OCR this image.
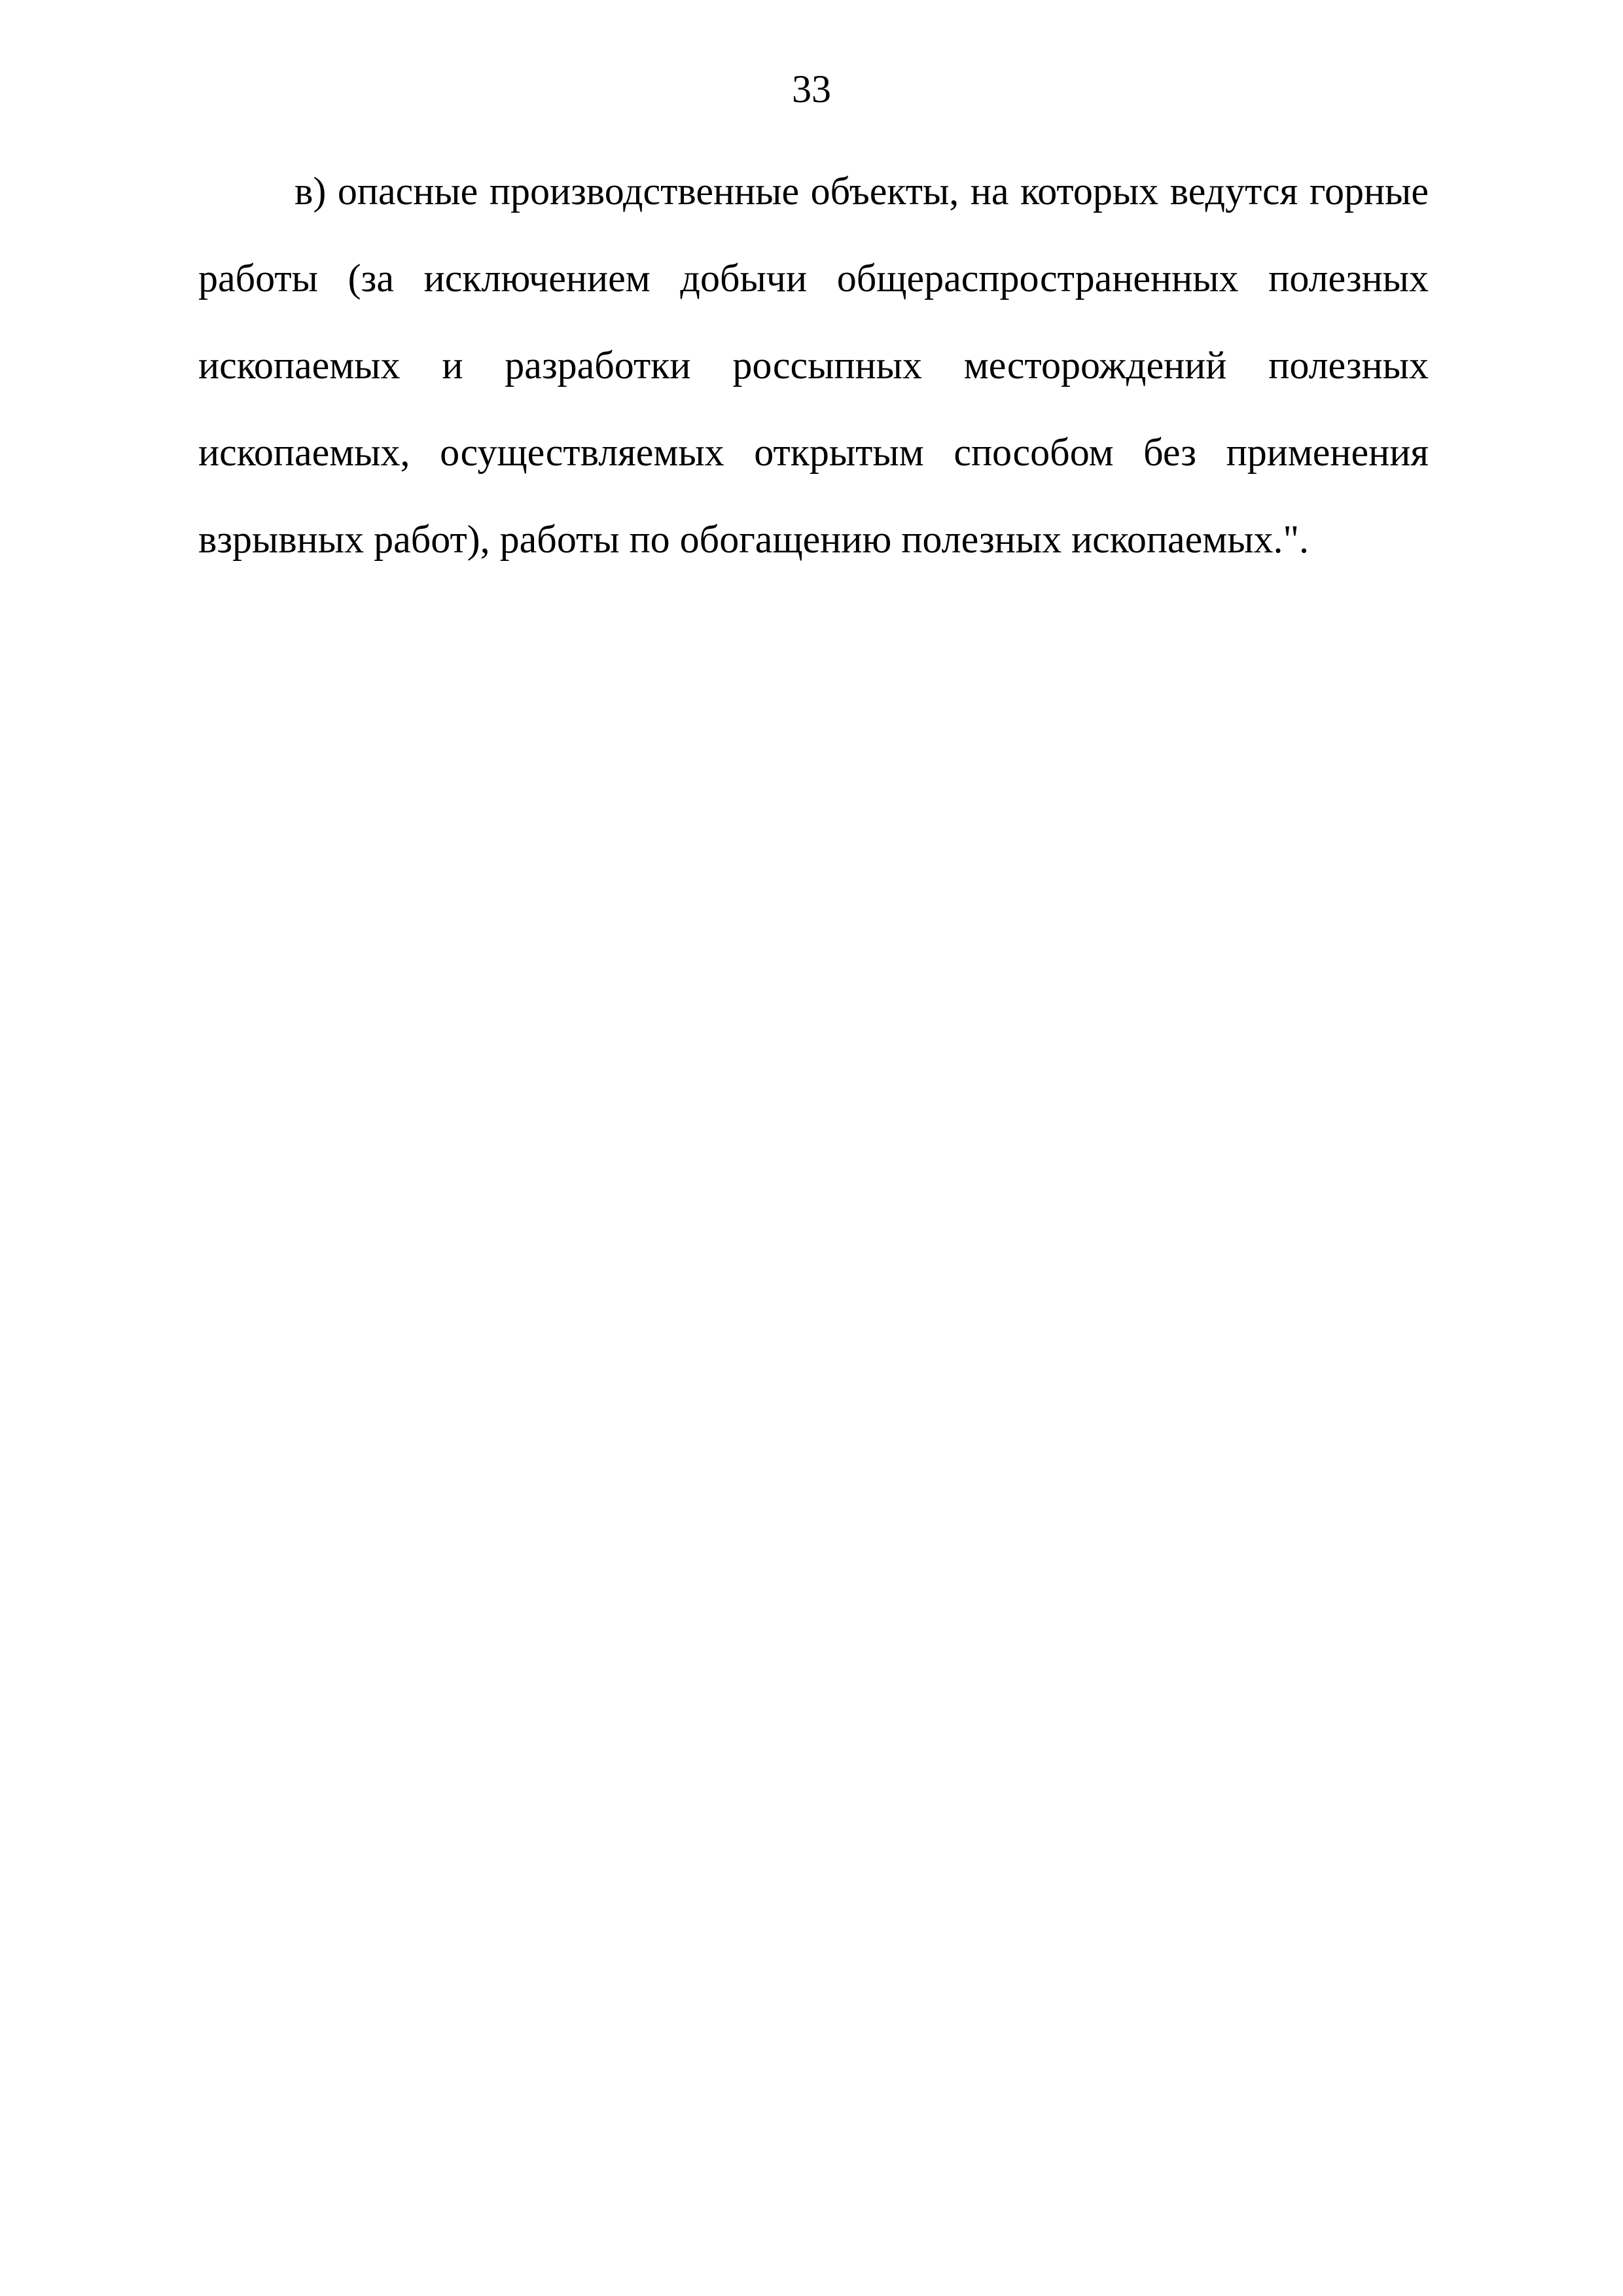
33
в) опасные производственные объекты, на которых ведутся горные
работы (за исключением добычи общераспространенных полезных
ископаемых и разработки россыпных месторождений полезных
ископаемых, осуществляемых открытым способом без применения
взрывных работ), работы по обогащению полезных ископаемых.".
